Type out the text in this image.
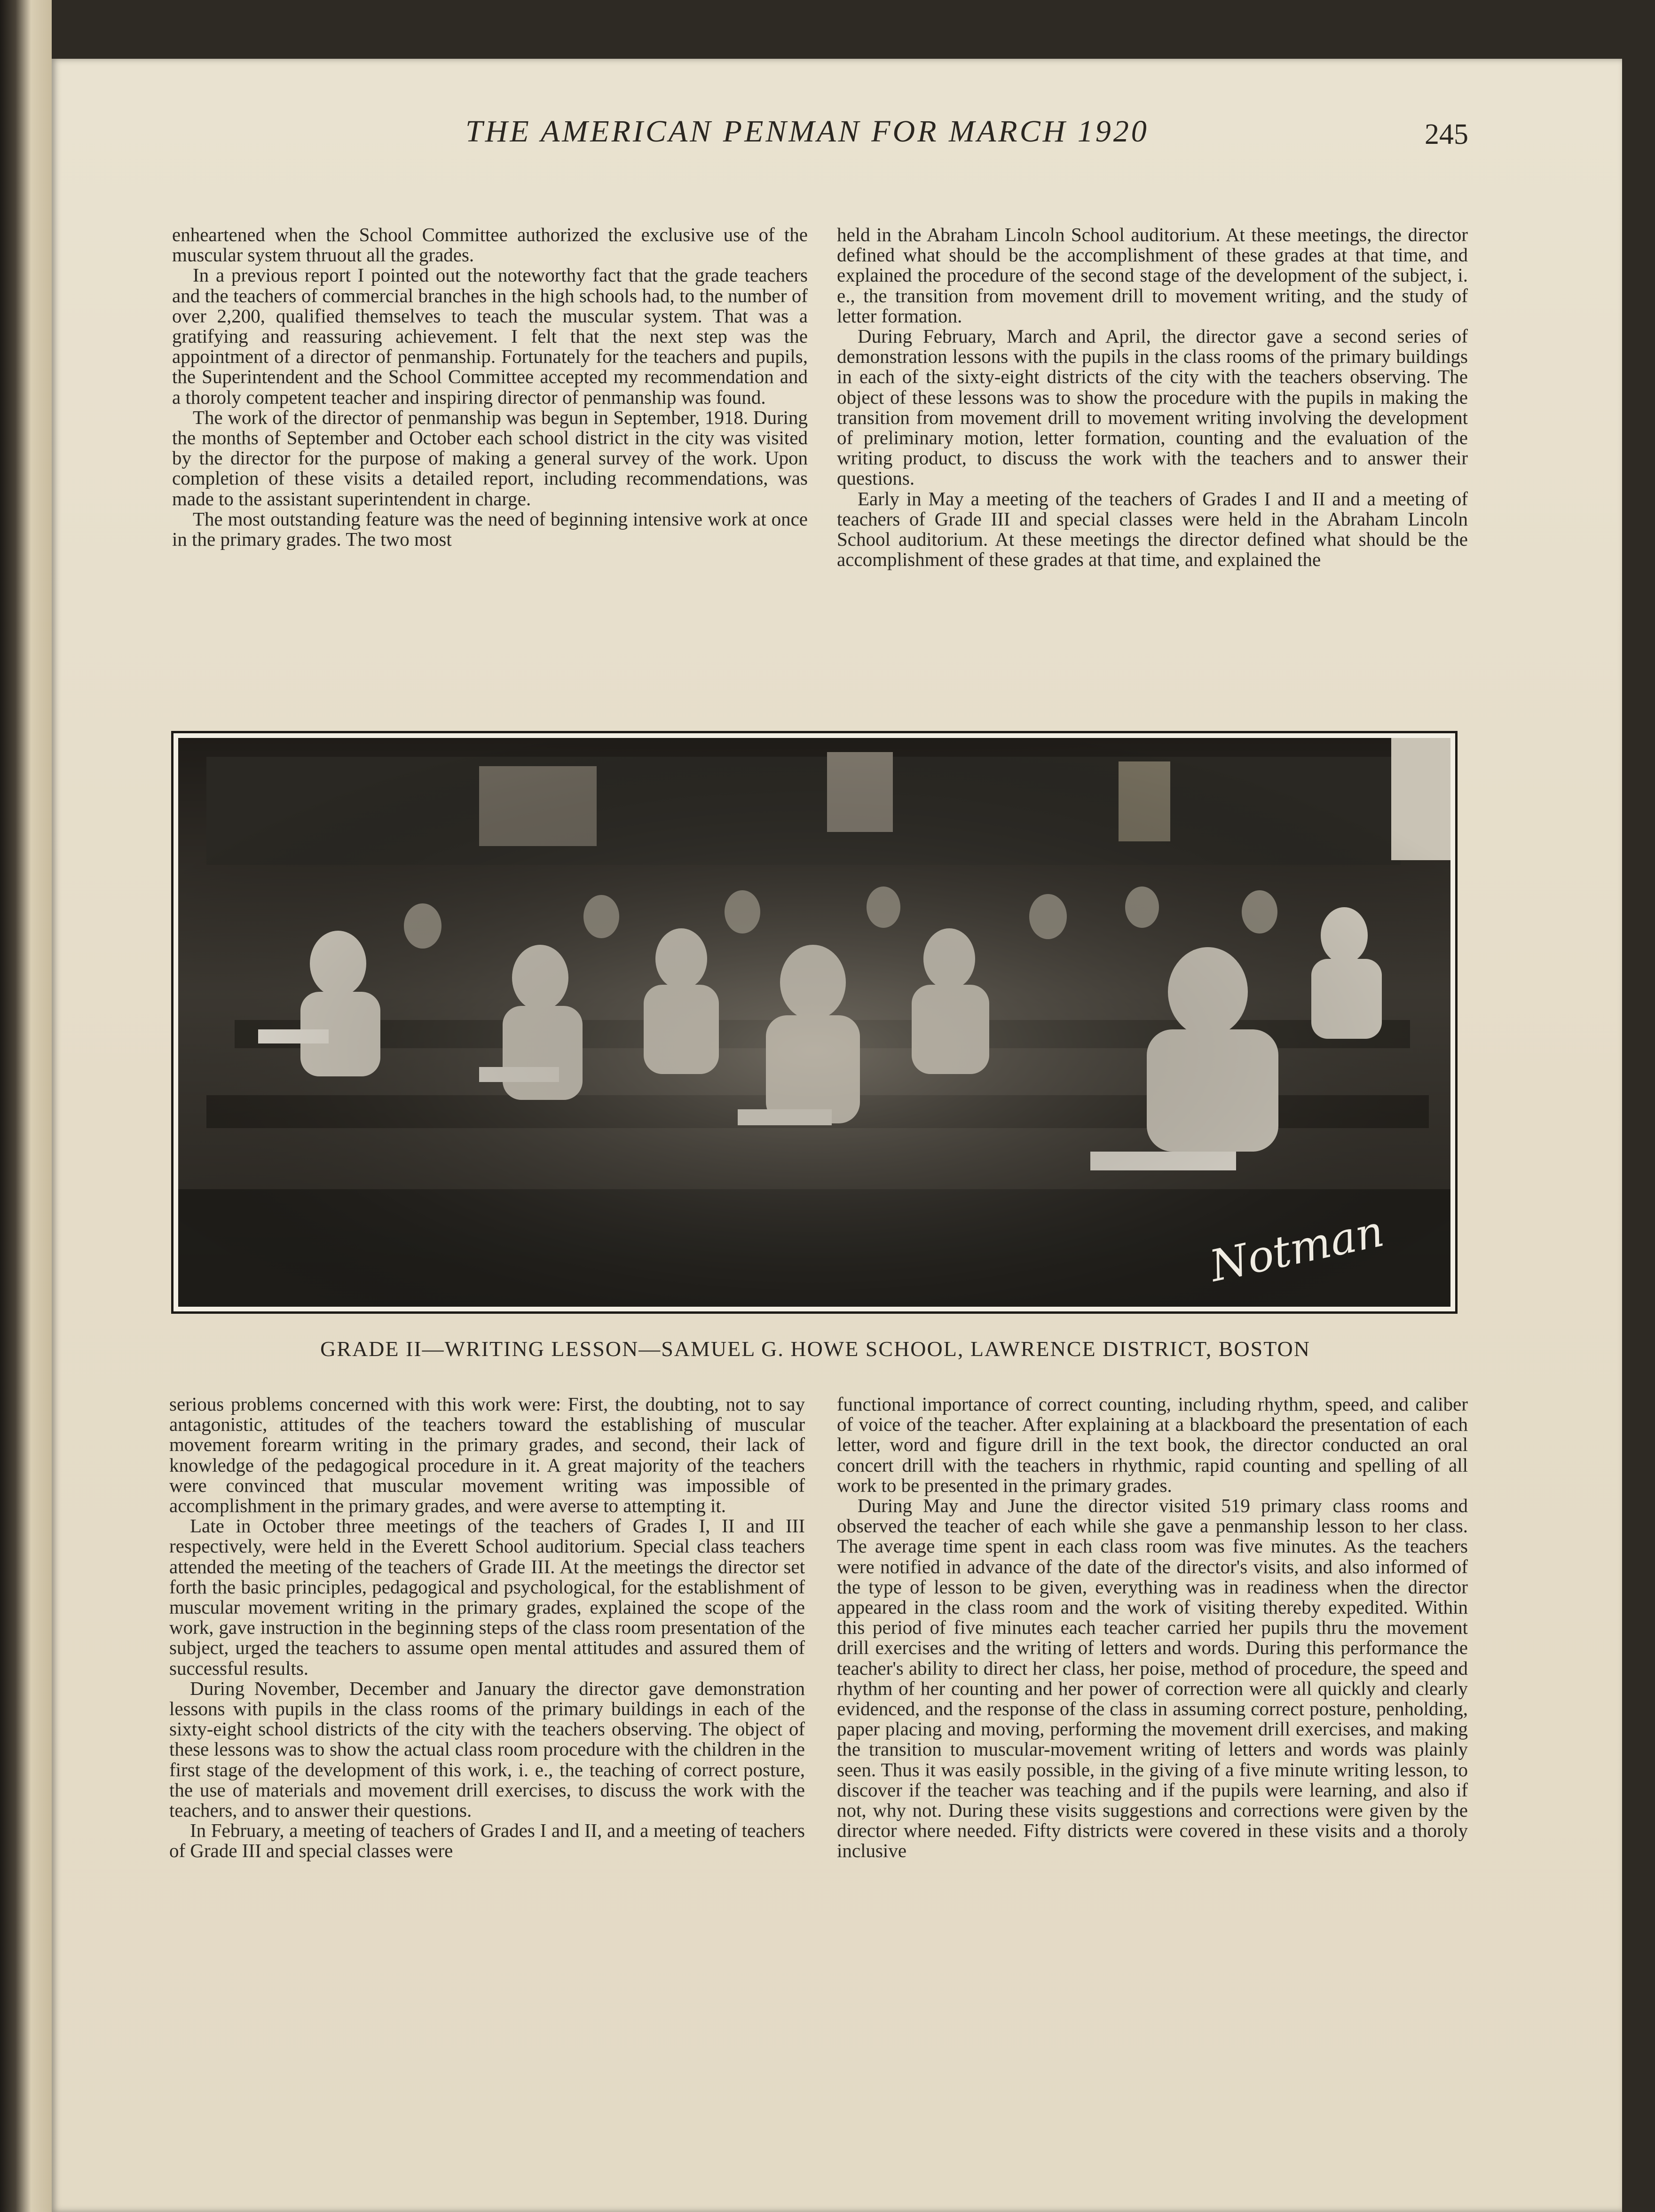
THE AMERICAN PENMAN FOR MARCH 1920	245

enheartened when the School Committee authorized the exclusive use of the muscular system thruout all the grades.

In a previous report I pointed out the noteworthy fact that the grade teachers and the teachers of commercial branches in the high schools had, to the number of over 2,200, qualified themselves to teach the muscular system. That was a gratifying and reassuring achievement. I felt that the next step was the appointment of a director of penmanship. Fortunately for the teachers and pupils, the Superintendent and the School Committee accepted my recommendation and a thoroly competent teacher and inspiring director of penmanship was found.

The work of the director of penmanship was begun in September, 1918. During the months of September and October each school district in the city was visited by the director for the purpose of making a general survey of the work. Upon completion of these visits a detailed report, including recommendations, was made to the assistant superintendent in charge.

The most outstanding feature was the need of beginning intensive work at once in the primary grades. The two most

held in the Abraham Lincoln School auditorium. At these meetings, the director defined what should be the accomplishment of these grades at that time, and explained the procedure of the second stage of the development of the subject, i. e., the transition from movement drill to movement writing, and the study of letter formation.

During February, March and April, the director gave a second series of demonstration lessons with the pupils in the class rooms of the primary buildings in each of the sixty-eight districts of the city with the teachers observing. The object of these lessons was to show the procedure with the pupils in making the transition from movement drill to movement writing involving the development of preliminary motion, letter formation, counting and the evaluation of the writing product, to discuss the work with the teachers and to answer their questions.

Early in May a meeting of the teachers of Grades I and II and a meeting of teachers of Grade III and special classes were held in the Abraham Lincoln School auditorium. At these meetings the director defined what should be the accomplishment of these grades at that time, and explained the

Notman
GRADE II—WRITING LESSON—SAMUEL G. HOWE SCHOOL, LAWRENCE DISTRICT, BOSTON

serious problems concerned with this work were: First, the doubting, not to say antagonistic, attitudes of the teachers toward the establishing of muscular movement forearm writing in the primary grades, and second, their lack of knowledge of the pedagogical procedure in it. A great majority of the teachers were convinced that muscular movement writing was impossible of accomplishment in the primary grades, and were averse to attempting it.

Late in October three meetings of the teachers of Grades I, II and III respectively, were held in the Everett School auditorium. Special class teachers attended the meeting of the teachers of Grade III. At the meetings the director set forth the basic principles, pedagogical and psychological, for the establishment of muscular movement writing in the primary grades, explained the scope of the work, gave instruction in the beginning steps of the class room presentation of the subject, urged the teachers to assume open mental attitudes and assured them of successful results.

During November, December and January the director gave demonstration lessons with pupils in the class rooms of the primary buildings in each of the sixty-eight school districts of the city with the teachers observing. The object of these lessons was to show the actual class room procedure with the children in the first stage of the development of this work, i. e., the teaching of correct posture, the use of materials and movement drill exercises, to discuss the work with the teachers, and to answer their questions.

In February, a meeting of teachers of Grades I and II, and a meeting of teachers of Grade III and special classes were

functional importance of correct counting, including rhythm, speed, and caliber of voice of the teacher. After explaining at a blackboard the presentation of each letter, word and figure drill in the text book, the director conducted an oral concert drill with the teachers in rhythmic, rapid counting and spelling of all work to be presented in the primary grades.

During May and June the director visited 519 primary class rooms and observed the teacher of each while she gave a penmanship lesson to her class. The average time spent in each class room was five minutes. As the teachers were notified in advance of the date of the director's visits, and also informed of the type of lesson to be given, everything was in readiness when the director appeared in the class room and the work of visiting thereby expedited. Within this period of five minutes each teacher carried her pupils thru the movement drill exercises and the writing of letters and words. During this performance the teacher's ability to direct her class, her poise, method of procedure, the speed and rhythm of her counting and her power of correction were all quickly and clearly evidenced, and the response of the class in assuming correct posture, penholding, paper placing and moving, performing the movement drill exercises, and making the transition to muscular-movement writing of letters and words was plainly seen. Thus it was easily possible, in the giving of a five minute writing lesson, to discover if the teacher was teaching and if the pupils were learning, and also if not, why not. During these visits suggestions and corrections were given by the director where needed. Fifty districts were covered in these visits and a thoroly inclusive
